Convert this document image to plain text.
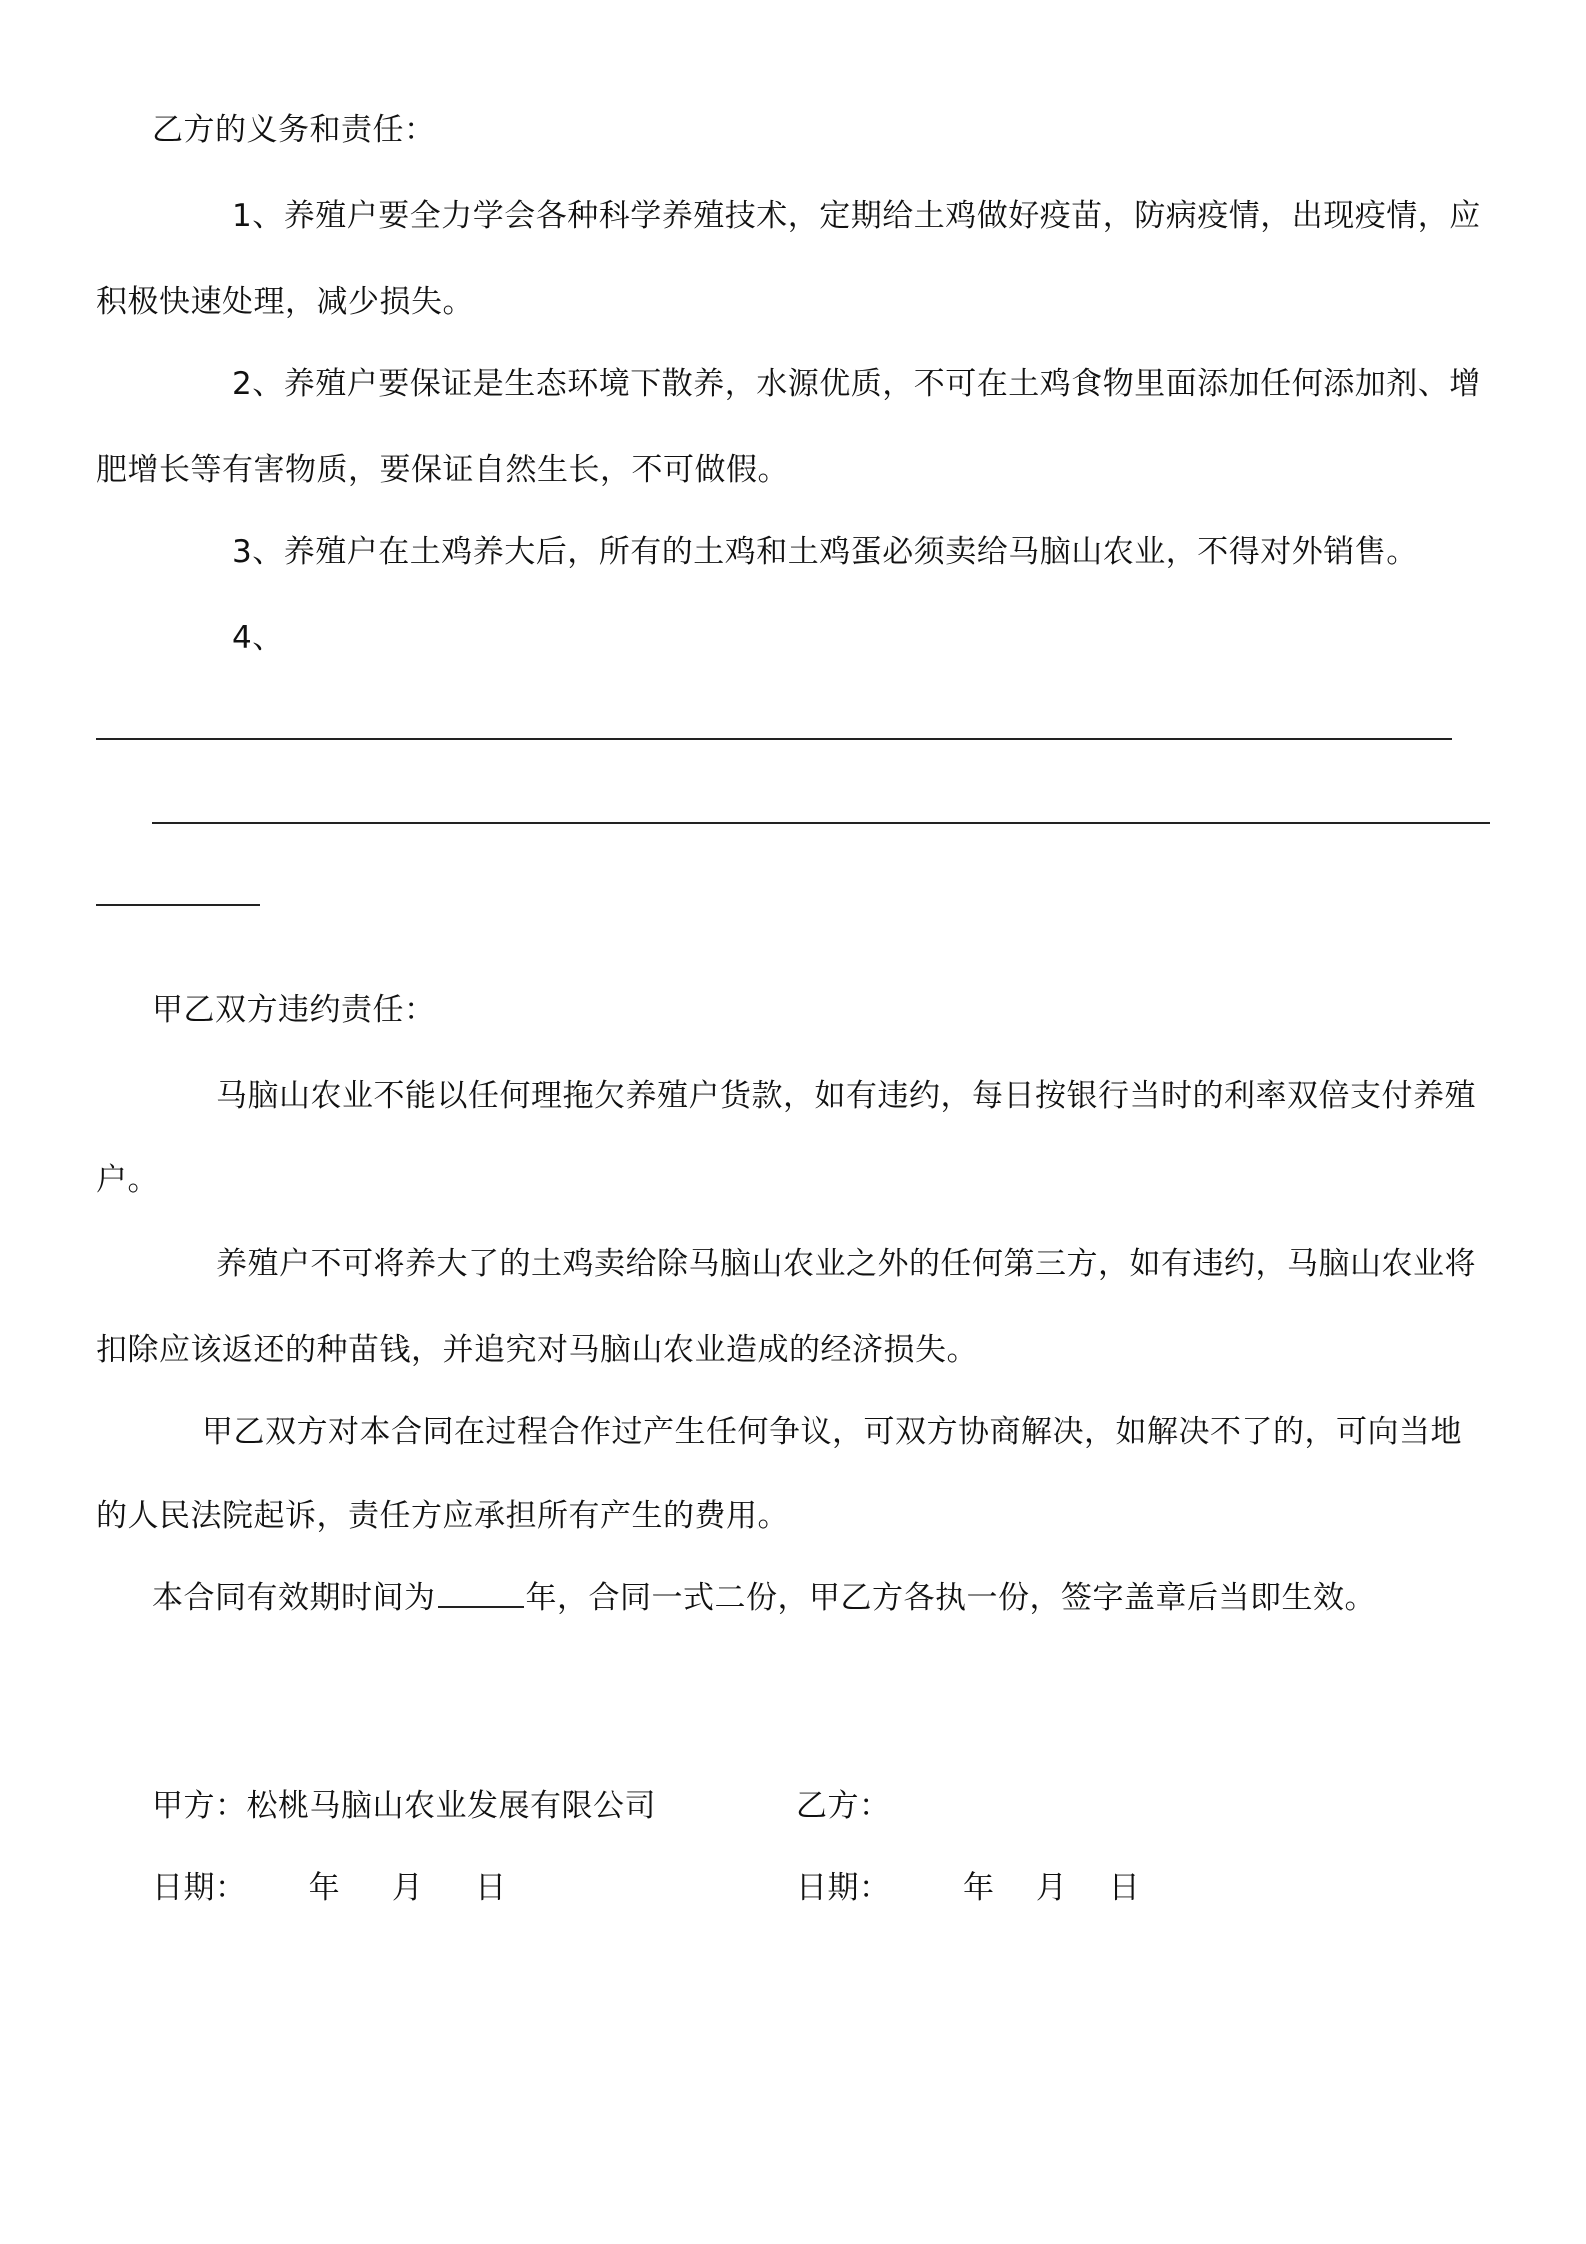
乙方的义务和责任：
1、养殖户要全力学会各种科学养殖技术，定期给土鸡做好疫苗，防病疫情，出现疫情，应
积极快速处理，减少损失。
2、养殖户要保证是生态环境下散养，水源优质，不可在土鸡食物里面添加任何添加剂、增
肥增长等有害物质，要保证自然生长，不可做假。
3、养殖户在土鸡养大后，所有的土鸡和土鸡蛋必须卖给马脑山农业，不得对外销售。
4、
甲乙双方违约责任：
马脑山农业不能以任何理拖欠养殖户货款，如有违约，每日按银行当时的利率双倍支付养殖
户。
养殖户不可将养大了的土鸡卖给除马脑山农业之外的任何第三方，如有违约，马脑山农业将
扣除应该返还的种苗钱，并追究对马脑山农业造成的经济损失。
甲乙双方对本合同在过程合作过产生任何争议，可双方协商解决，如解决不了的，可向当地
的人民法院起诉，责任方应承担所有产生的费用。
本合同有效期时间为	年，合同一式二份，甲乙方各执一份，签字盖章后当即生效。
甲方：松桃马脑山农业发展有限公司	乙方：
日期：      年     月     日	日期：       年    月    日
